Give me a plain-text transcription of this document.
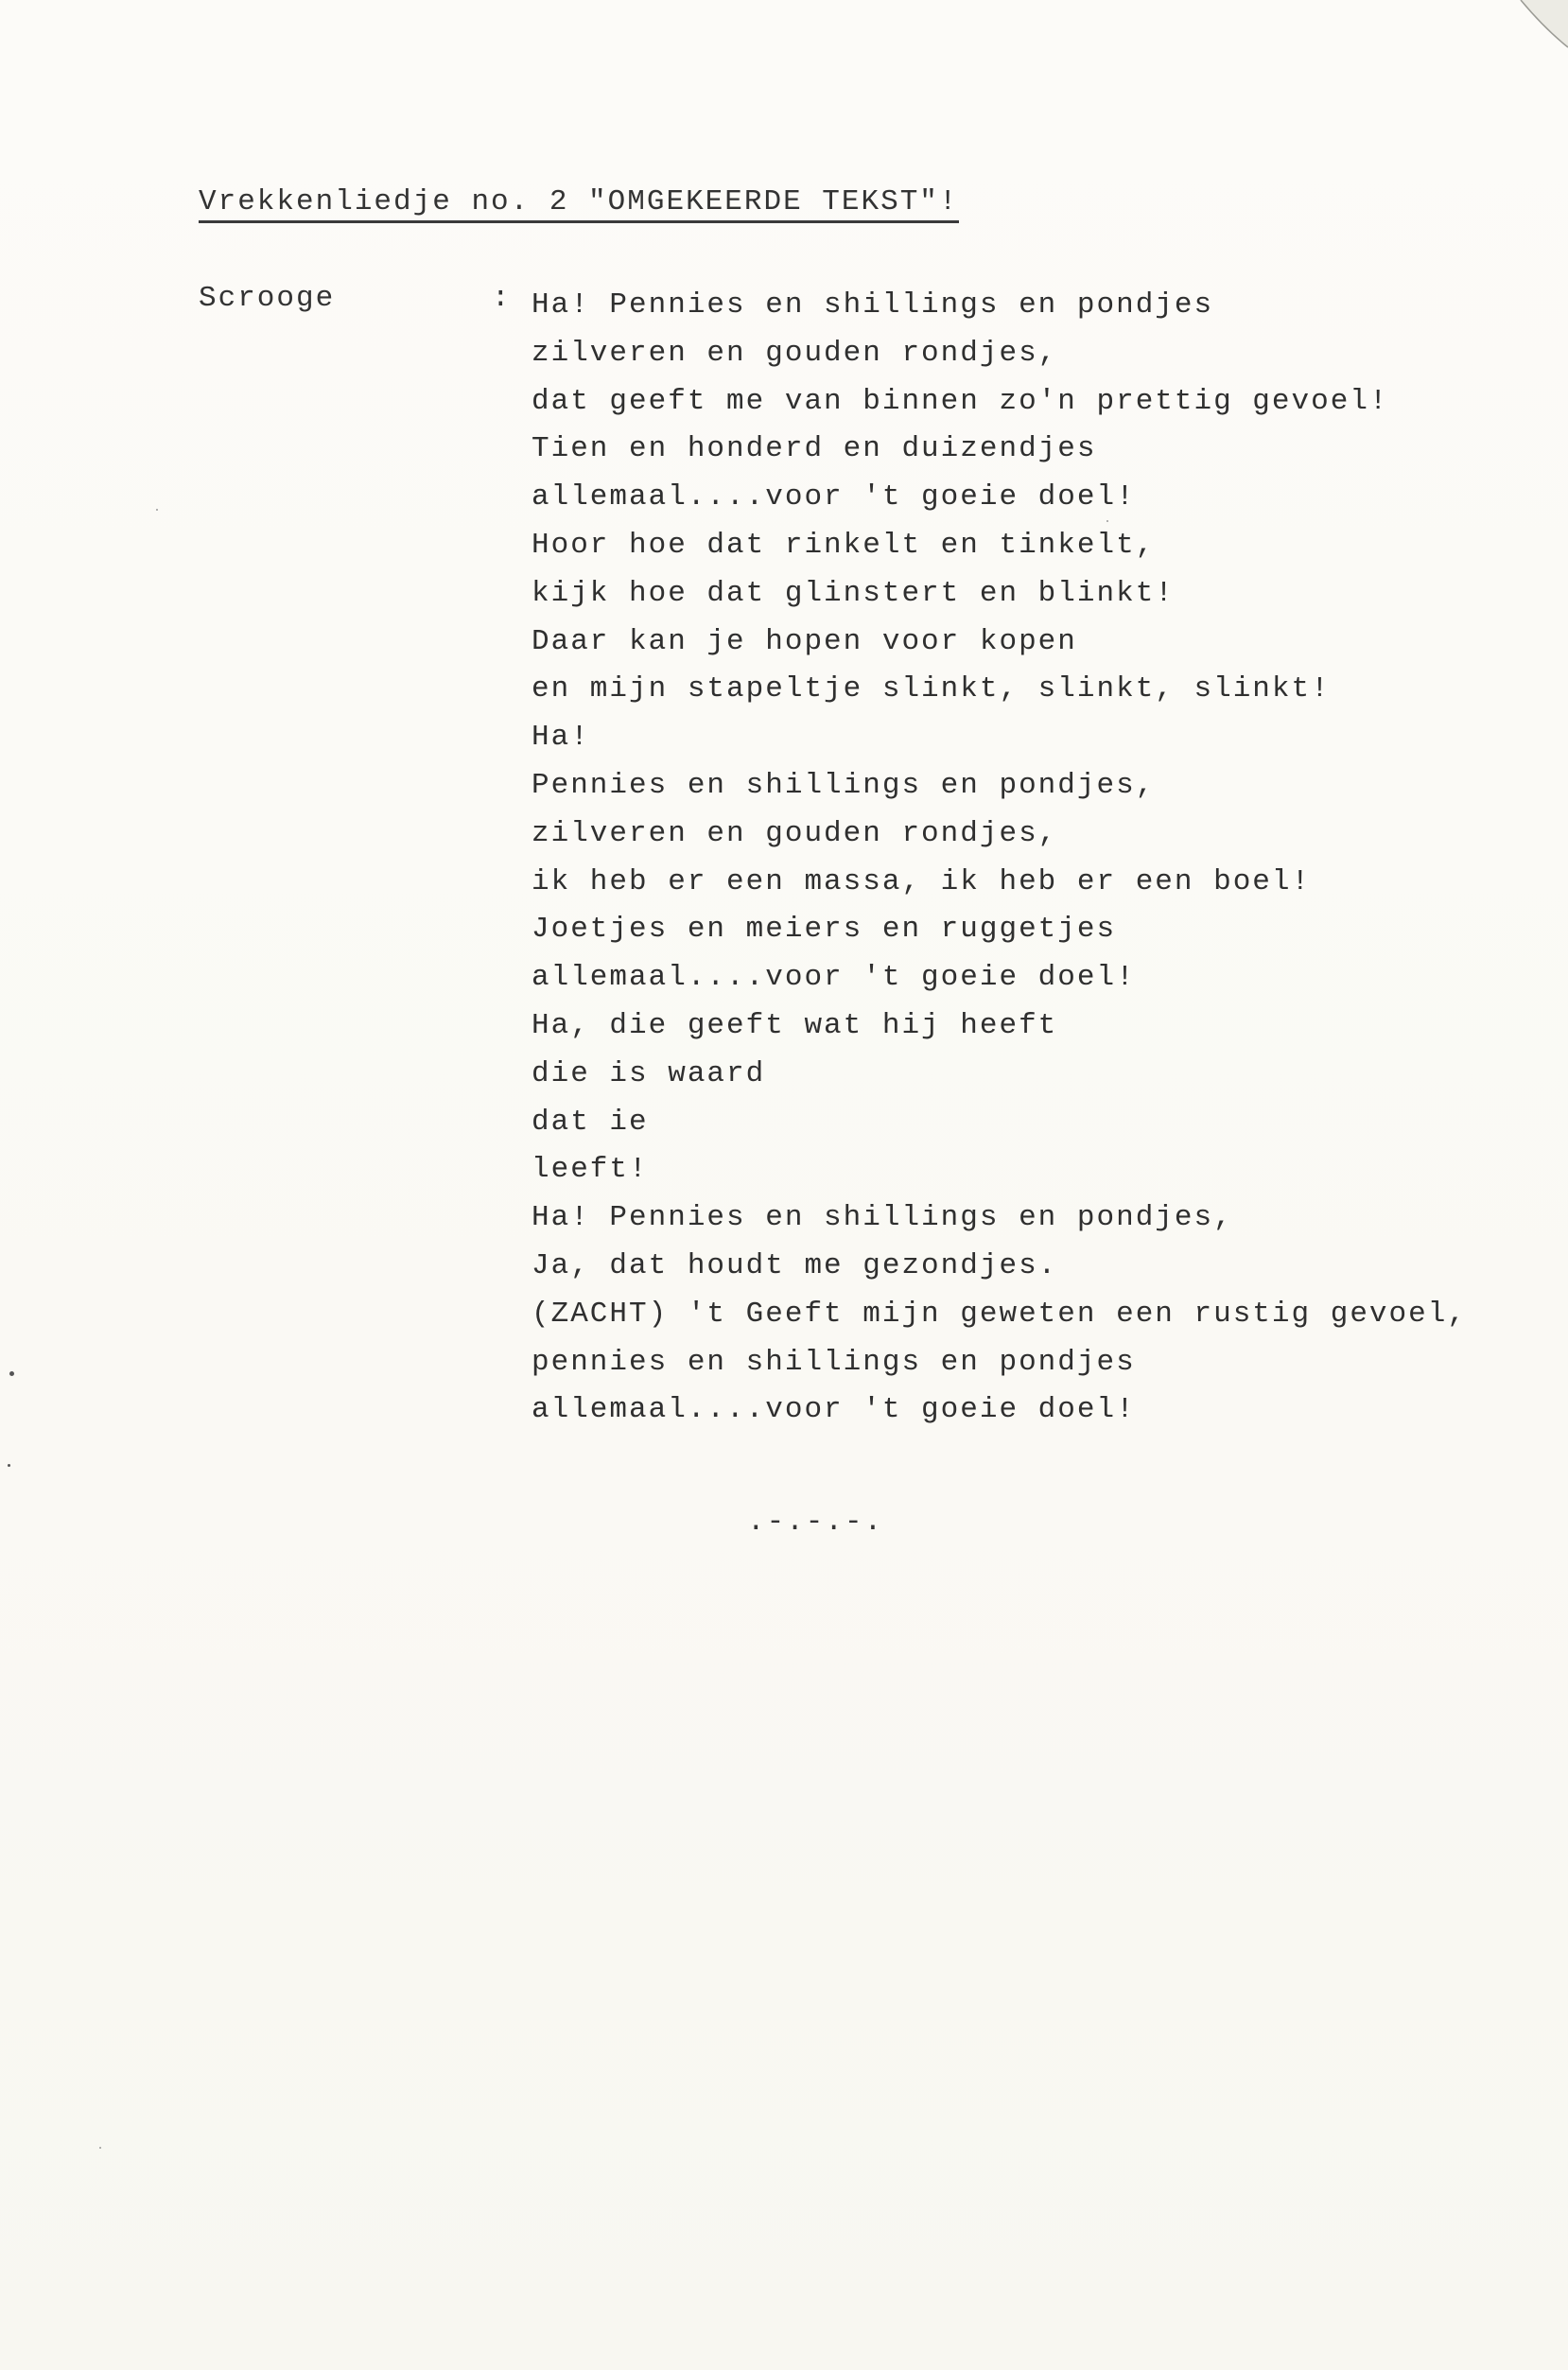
Vrekkenliedje no. 2 "OMGEKEERDE TEKST"!
Scrooge	: Ha! Pennies en shillings en pondjes
zilveren en gouden rondjes,
dat geeft me van binnen zo'n prettig gevoel!
Tien en honderd en duizendjes
allemaal....voor 't goeie doel!
Hoor hoe dat rinkelt en tinkelt,
kijk hoe dat glinstert en blinkt!
Daar kan je hopen voor kopen
en mijn stapeltje slinkt, slinkt, slinkt!
Ha!
Pennies en shillings en pondjes,
zilveren en gouden rondjes,
ik heb er een massa, ik heb er een boel!
Joetjes en meiers en ruggetjes
allemaal....voor 't goeie doel!
Ha, die geeft wat hij heeft
die is waard
dat ie
leeft!
Ha! Pennies en shillings en pondjes,
Ja, dat houdt me gezondjes.
(ZACHT) 't Geeft mijn geweten een rustig gevoel,
pennies en shillings en pondjes
allemaal....voor 't goeie doel!
.-.-.-.
